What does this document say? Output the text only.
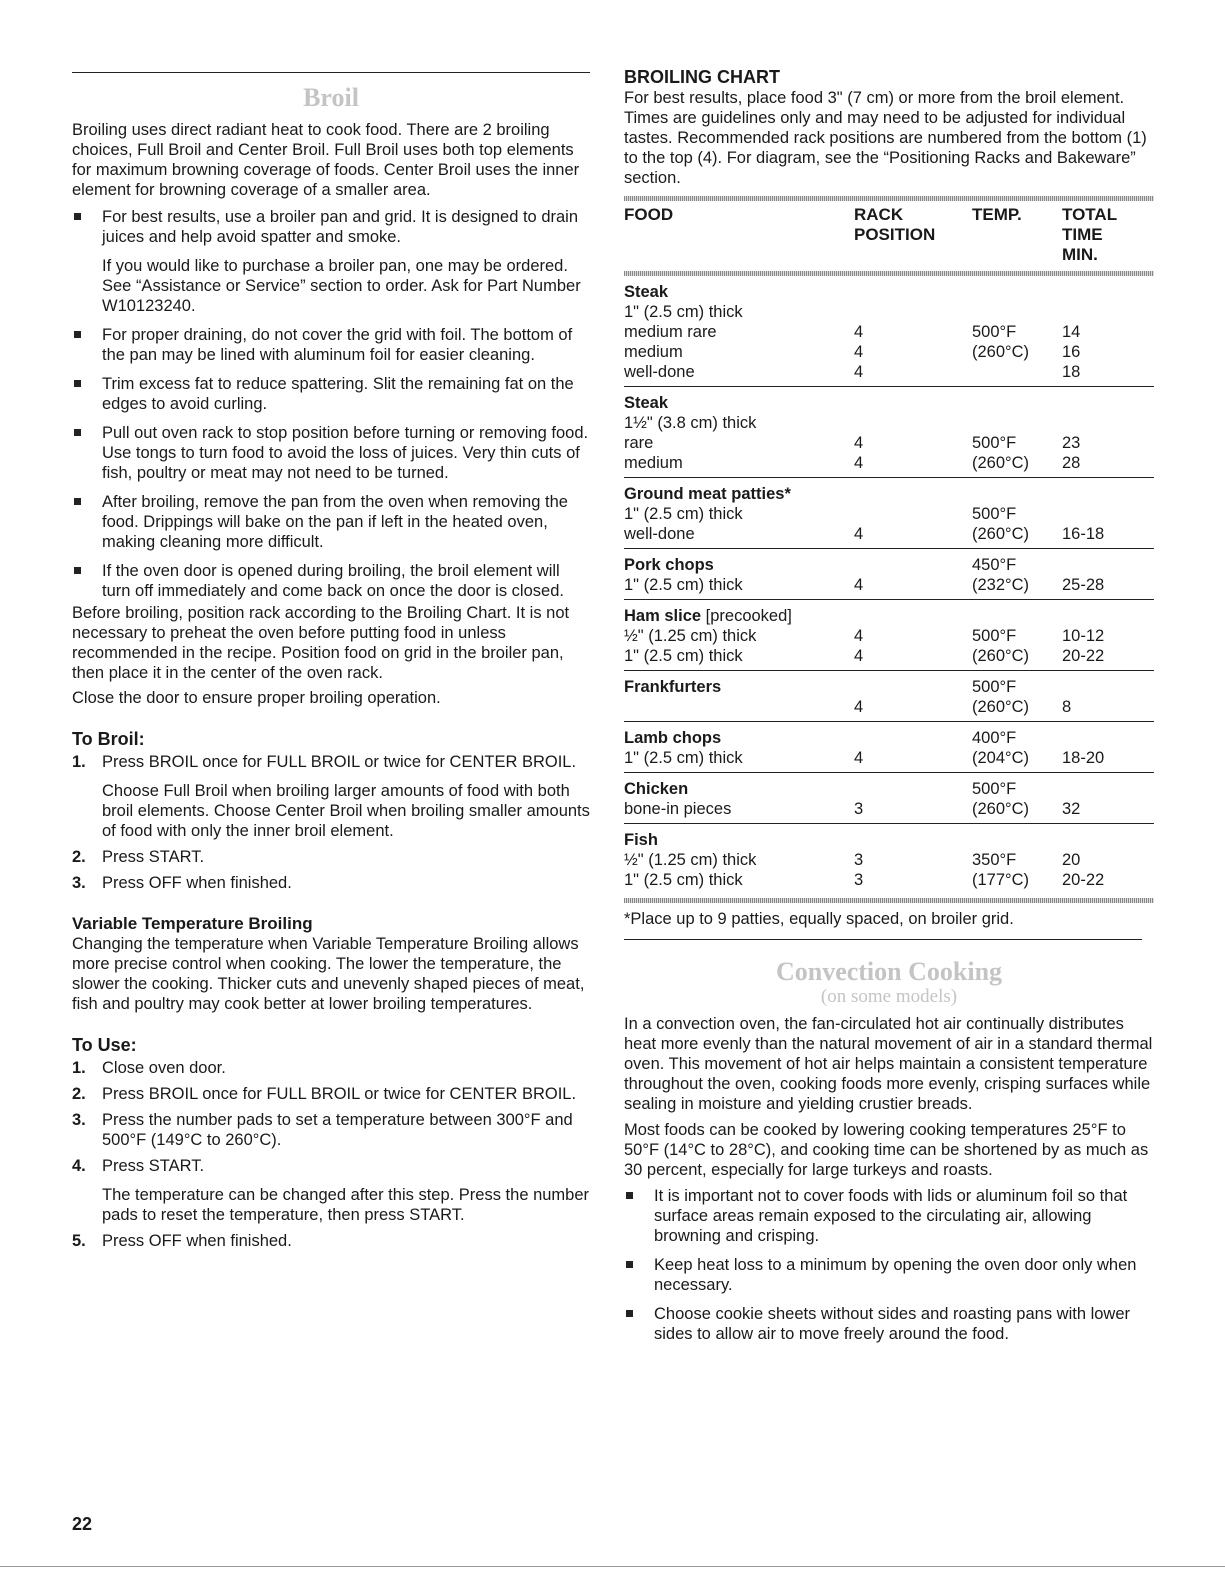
Broil

Broiling uses direct radiant heat to cook food. There are 2 broiling choices, Full Broil and Center Broil. Full Broil uses both top elements for maximum browning coverage of foods. Center Broil uses the inner element for browning coverage of a smaller area.

For best results, use a broiler pan and grid. It is designed to drain juices and help avoid spatter and smoke.

If you would like to purchase a broiler pan, one may be ordered. See “Assistance or Service” section to order. Ask for Part Number W10123240.

For proper draining, do not cover the grid with foil. The bottom of the pan may be lined with aluminum foil for easier cleaning.

Trim excess fat to reduce spattering. Slit the remaining fat on the edges to avoid curling.

Pull out oven rack to stop position before turning or removing food. Use tongs to turn food to avoid the loss of juices. Very thin cuts of fish, poultry or meat may not need to be turned.

After broiling, remove the pan from the oven when removing the food. Drippings will bake on the pan if left in the heated oven, making cleaning more difficult.

If the oven door is opened during broiling, the broil element will turn off immediately and come back on once the door is closed.

Before broiling, position rack according to the Broiling Chart. It is not necessary to preheat the oven before putting food in unless recommended in the recipe. Position food on grid in the broiler pan, then place it in the center of the oven rack.

Close the door to ensure proper broiling operation.

To Broil:
1. Press BROIL once for FULL BROIL or twice for CENTER BROIL.

Choose Full Broil when broiling larger amounts of food with both broil elements. Choose Center Broil when broiling smaller amounts of food with only the inner broil element.

2. Press START.

3. Press OFF when finished.

Variable Temperature Broiling

Changing the temperature when Variable Temperature Broiling allows more precise control when cooking. The lower the temperature, the slower the cooking. Thicker cuts and unevenly shaped pieces of meat, fish and poultry may cook better at lower broiling temperatures.

To Use:
1. Close oven door.

2. Press BROIL once for FULL BROIL or twice for CENTER BROIL.

3. Press the number pads to set a temperature between 300°F and 500°F (149°C to 260°C).

4. Press START.

The temperature can be changed after this step. Press the number pads to reset the temperature, then press START.

5. Press OFF when finished.

BROILING CHART

For best results, place food 3" (7 cm) or more from the broil element. Times are guidelines only and may need to be adjusted for individual tastes. Recommended rack positions are numbered from the bottom (1) to the top (4). For diagram, see the “Positioning Racks and Bakeware” section.

FOOD	RACK
POSITION	TEMP.	TOTAL
TIME
MIN.

Steak			
1" (2.5 cm) thick			
medium rare	4	500°F	14
medium	4	(260°C)	16
well-done	4		18

Steak			
1½" (3.8 cm) thick			
rare	4	500°F	23
medium	4	(260°C)	28

Ground meat patties*			
1" (2.5 cm) thick		500°F	
well-done	4	(260°C)	16-18

Pork chops		450°F	
1" (2.5 cm) thick	4	(232°C)	25-28

Ham slice [precooked]			
½" (1.25 cm) thick	4	500°F	10-12
1" (2.5 cm) thick	4	(260°C)	20-22

Frankfurters		500°F	
	4	(260°C)	8

Lamb chops		400°F	
1" (2.5 cm) thick	4	(204°C)	18-20

Chicken		500°F	
bone-in pieces	3	(260°C)	32

Fish			
½" (1.25 cm) thick	3	350°F	20
1" (2.5 cm) thick	3	(177°C)	20-22

*Place up to 9 patties, equally spaced, on broiler grid.

Convection Cooking

(on some models)

In a convection oven, the fan-circulated hot air continually distributes heat more evenly than the natural movement of air in a standard thermal oven. This movement of hot air helps maintain a consistent temperature throughout the oven, cooking foods more evenly, crisping surfaces while sealing in moisture and yielding crustier breads.

Most foods can be cooked by lowering cooking temperatures 25°F to 50°F (14°C to 28°C), and cooking time can be shortened by as much as 30 percent, especially for large turkeys and roasts.

It is important not to cover foods with lids or aluminum foil so that surface areas remain exposed to the circulating air, allowing browning and crisping.

Keep heat loss to a minimum by opening the oven door only when necessary.

Choose cookie sheets without sides and roasting pans with lower sides to allow air to move freely around the food.

22
